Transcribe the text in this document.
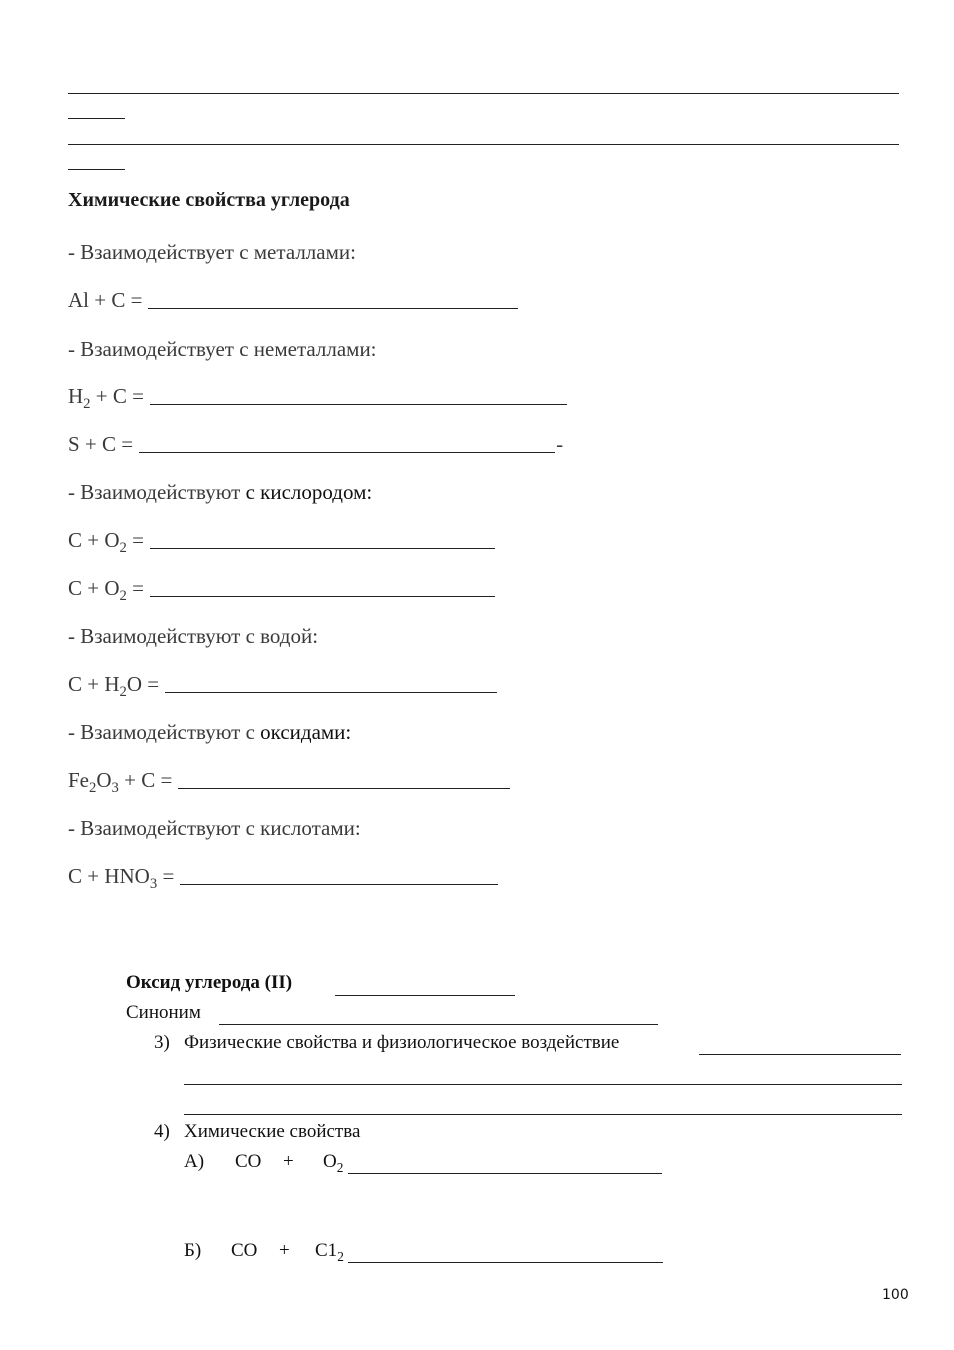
Химические свойства углерода
- Взаимодействует с металлами:
Al + C =
- Взаимодействует с неметаллами:
$H_2 + C$ =
S + C =	-
- Взаимодействуют с кислородом:
$C + O_2$ =
$C + O_2$ =
- Взаимодействуют с водой:
$C + H_2O$ =
- Взаимодействуют с оксидами:
$Fe_2O_3 + C$ =
- Взаимодействуют с кислотами:
$C + HNO_3$ =
Оксид углерода (II)
Синоним
3) Физические свойства и физиологическое воздействие
4) Химические свойства
А) CO + $O_2$
Б) CO + $C1_2$
100
